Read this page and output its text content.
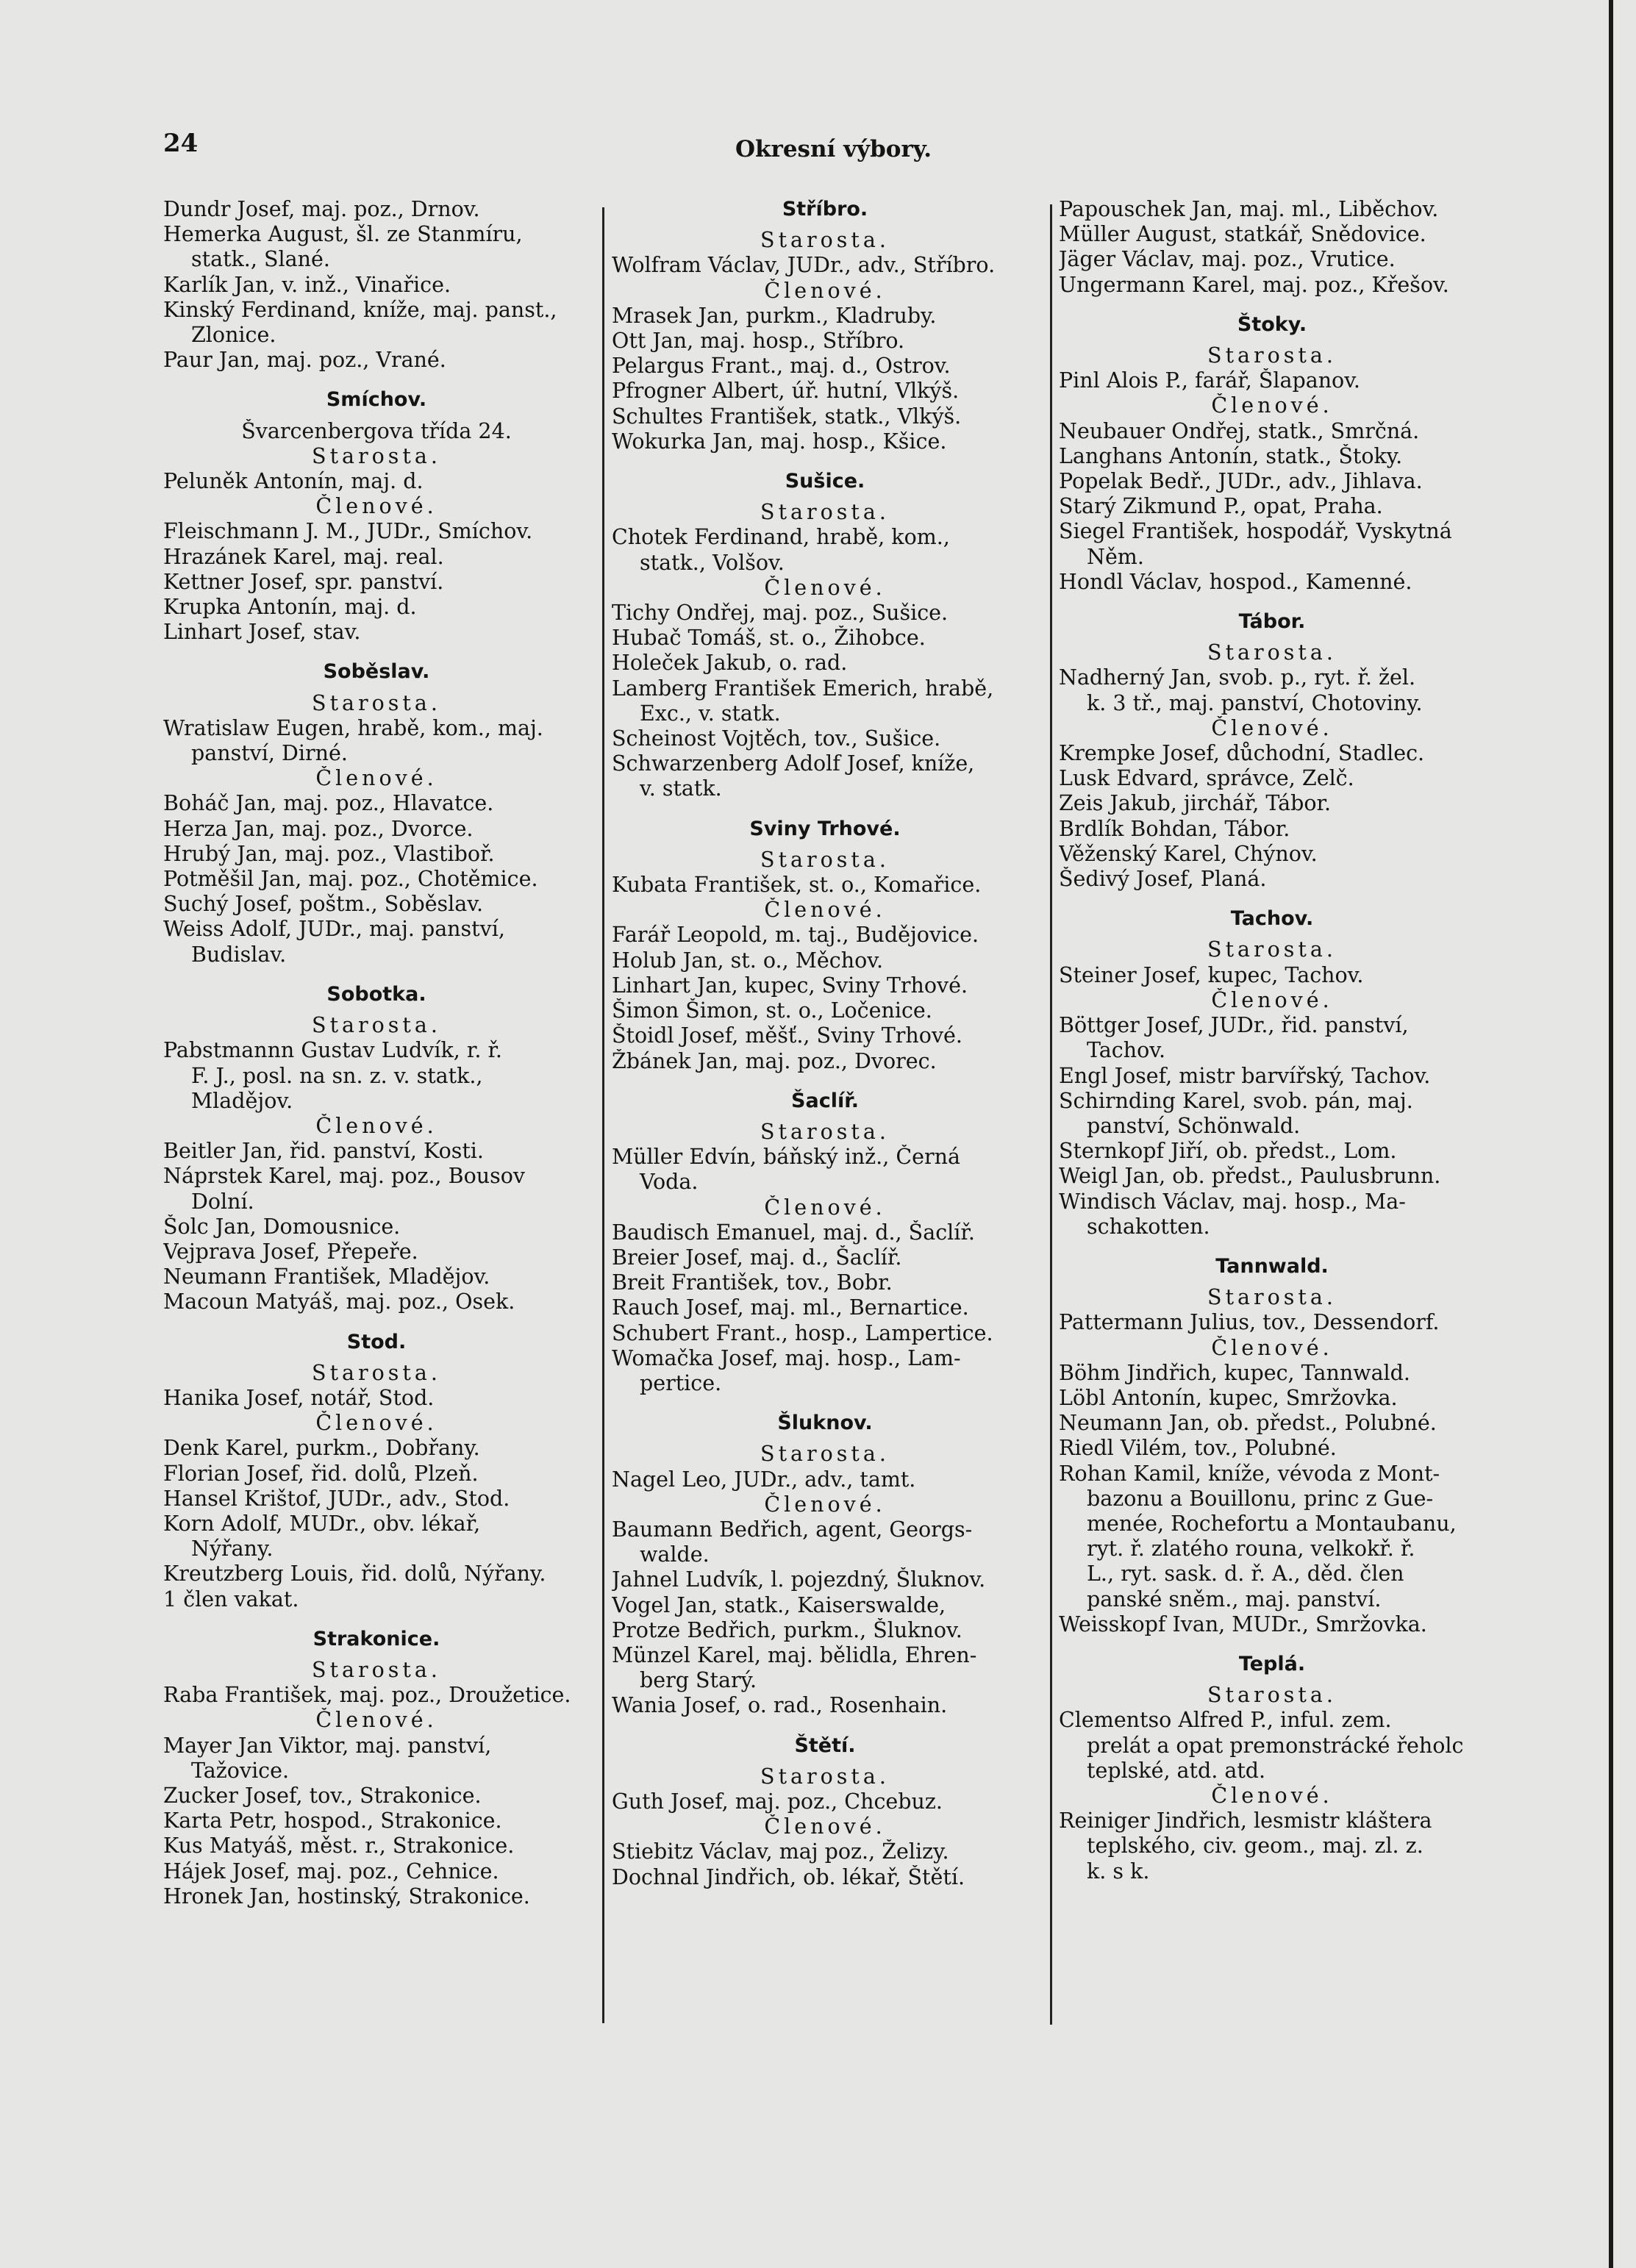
24	Okresní výbory.
Dundr Josef, maj. poz., Drnov.
Hemerka August, šl. ze Stanmíru,
statk., Slané.
Karlík Jan, v. inž., Vinařice.
Kinský Ferdinand, kníže, maj. panst.,
Zlonice.
Paur Jan, maj. poz., Vrané.
Smíchov.
Švarcenbergova třída 24.
Starosta.
Peluněk Antonín, maj. d.
Členové.
Fleischmann J. M., JUDr., Smíchov.
Hrazánek Karel, maj. real.
Kettner Josef, spr. panství.
Krupka Antonín, maj. d.
Linhart Josef, stav.
Soběslav.
Starosta.
Wratislaw Eugen, hrabě, kom., maj.
panství, Dirné.
Členové.
Boháč Jan, maj. poz., Hlavatce.
Herza Jan, maj. poz., Dvorce.
Hrubý Jan, maj. poz., Vlastiboř.
Potměšil Jan, maj. poz., Chotěmice.
Suchý Josef, poštm., Soběslav.
Weiss Adolf, JUDr., maj. panství,
Budislav.
Sobotka.
Starosta.
Pabstmannn Gustav Ludvík, r. ř.
F. J., posl. na sn. z. v. statk.,
Mladějov.
Členové.
Beitler Jan, řid. panství, Kosti.
Náprstek Karel, maj. poz., Bousov
Dolní.
Šolc Jan, Domousnice.
Vejprava Josef, Přepeře.
Neumann František, Mladějov.
Macoun Matyáš, maj. poz., Osek.
Stod.
Starosta.
Hanika Josef, notář, Stod.
Členové.
Denk Karel, purkm., Dobřany.
Florian Josef, řid. dolů, Plzeň.
Hansel Krištof, JUDr., adv., Stod.
Korn Adolf, MUDr., obv. lékař,
Nýřany.
Kreutzberg Louis, řid. dolů, Nýřany.
1 člen vakat.
Strakonice.
Starosta.
Raba František, maj. poz., Droužetice.
Členové.
Mayer Jan Viktor, maj. panství,
Tažovice.
Zucker Josef, tov., Strakonice.
Karta Petr, hospod., Strakonice.
Kus Matyáš, měst. r., Strakonice.
Hájek Josef, maj. poz., Cehnice.
Hronek Jan, hostinský, Strakonice.
Stříbro.
Starosta.
Wolfram Václav, JUDr., adv., Stříbro.
Členové.
Mrasek Jan, purkm., Kladruby.
Ott Jan, maj. hosp., Stříbro.
Pelargus Frant., maj. d., Ostrov.
Pfrogner Albert, úř. hutní, Vlkýš.
Schultes František, statk., Vlkýš.
Wokurka Jan, maj. hosp., Kšice.
Sušice.
Starosta.
Chotek Ferdinand, hrabě, kom.,
statk., Volšov.
Členové.
Tichy Ondřej, maj. poz., Sušice.
Hubač Tomáš, st. o., Žihobce.
Holeček Jakub, o. rad.
Lamberg František Emerich, hrabě,
Exc., v. statk.
Scheinost Vojtěch, tov., Sušice.
Schwarzenberg Adolf Josef, kníže,
v. statk.
Sviny Trhové.
Starosta.
Kubata František, st. o., Komařice.
Členové.
Farář Leopold, m. taj., Budějovice.
Holub Jan, st. o., Měchov.
Linhart Jan, kupec, Sviny Trhové.
Šimon Šimon, st. o., Ločenice.
Štoidl Josef, měšť., Sviny Trhové.
Žbánek Jan, maj. poz., Dvorec.
Šaclíř.
Starosta.
Müller Edvín, báňský inž., Černá
Voda.
Členové.
Baudisch Emanuel, maj. d., Šaclíř.
Breier Josef, maj. d., Šaclíř.
Breit František, tov., Bobr.
Rauch Josef, maj. ml., Bernartice.
Schubert Frant., hosp., Lampertice.
Womačka Josef, maj. hosp., Lam-
pertice.
Šluknov.
Starosta.
Nagel Leo, JUDr., adv., tamt.
Členové.
Baumann Bedřich, agent, Georgs-
walde.
Jahnel Ludvík, l. pojezdný, Šluknov.
Vogel Jan, statk., Kaiserswalde,
Protze Bedřich, purkm., Šluknov.
Münzel Karel, maj. bělidla, Ehren-
berg Starý.
Wania Josef, o. rad., Rosenhain.
Štětí.
Starosta.
Guth Josef, maj. poz., Chcebuz.
Členové.
Stiebitz Václav, maj poz., Želizy.
Dochnal Jindřich, ob. lékař, Štětí.
Papouschek Jan, maj. ml., Liběchov.
Müller August, statkář, Snědovice.
Jäger Václav, maj. poz., Vrutice.
Ungermann Karel, maj. poz., Křešov.
Štoky.
Starosta.
Pinl Alois P., farář, Šlapanov.
Členové.
Neubauer Ondřej, statk., Smrčná.
Langhans Antonín, statk., Štoky.
Popelak Bedř., JUDr., adv., Jihlava.
Starý Zikmund P., opat, Praha.
Siegel František, hospodář, Vyskytná
Něm.
Hondl Václav, hospod., Kamenné.
Tábor.
Starosta.
Nadherný Jan, svob. p., ryt. ř. žel.
k. 3 tř., maj. panství, Chotoviny.
Členové.
Krempke Josef, důchodní, Stadlec.
Lusk Edvard, správce, Zelč.
Zeis Jakub, jirchář, Tábor.
Brdlík Bohdan, Tábor.
Věženský Karel, Chýnov.
Šedivý Josef, Planá.
Tachov.
Starosta.
Steiner Josef, kupec, Tachov.
Členové.
Böttger Josef, JUDr., řid. panství,
Tachov.
Engl Josef, mistr barvířský, Tachov.
Schirnding Karel, svob. pán, maj.
panství, Schönwald.
Sternkopf Jiří, ob. předst., Lom.
Weigl Jan, ob. předst., Paulusbrunn.
Windisch Václav, maj. hosp., Ma-
schakotten.
Tannwald.
Starosta.
Pattermann Julius, tov., Dessendorf.
Členové.
Böhm Jindřich, kupec, Tannwald.
Löbl Antonín, kupec, Smržovka.
Neumann Jan, ob. předst., Polubné.
Riedl Vilém, tov., Polubné.
Rohan Kamil, kníže, vévoda z Mont-
bazonu a Bouillonu, princ z Gue-
menée, Rochefortu a Montaubanu,
ryt. ř. zlatého rouna, velkokř. ř.
L., ryt. sask. d. ř. A., děd. člen
panské sněm., maj. panství.
Weisskopf Ivan, MUDr., Smržovka.
Teplá.
Starosta.
Clementso Alfred P., inful. zem.
prelát a opat premonstrácké řeholc
teplské, atd. atd.
Členové.
Reiniger Jindřich, lesmistr kláštera
teplského, civ. geom., maj. zl. z.
k. s k.
